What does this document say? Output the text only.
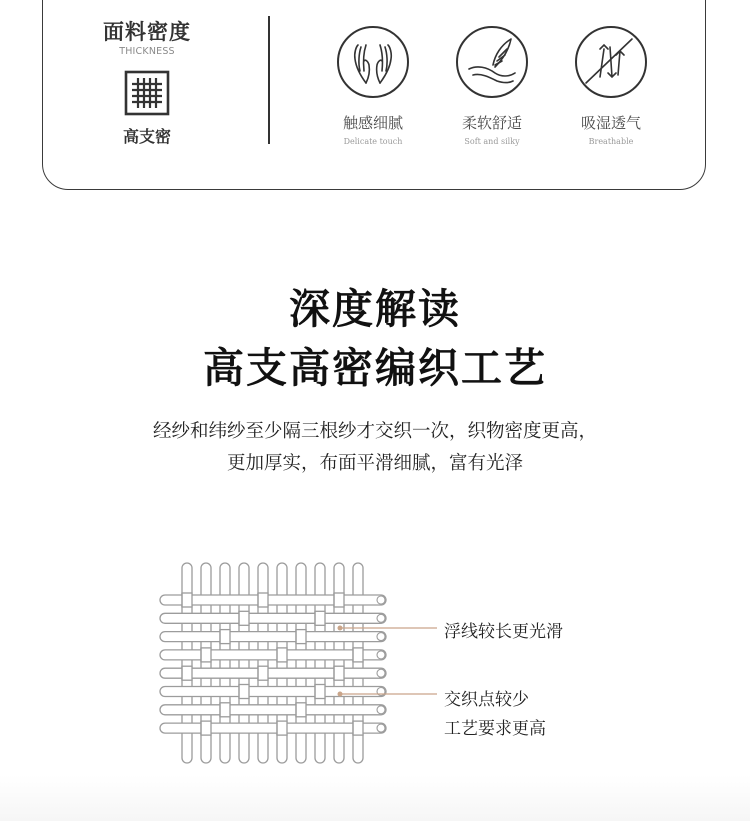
面料密度
THICKNESS
高支密
触感细腻
Delicate touch
柔软舒适
Soft and silky
吸湿透气
Breathable
深度解读
高支高密编织工艺
经纱和纬纱至少隔三根纱才交织一次，织物密度更高，
更加厚实，布面平滑细腻，富有光泽
浮线较长更光滑
交织点较少
工艺要求更高
